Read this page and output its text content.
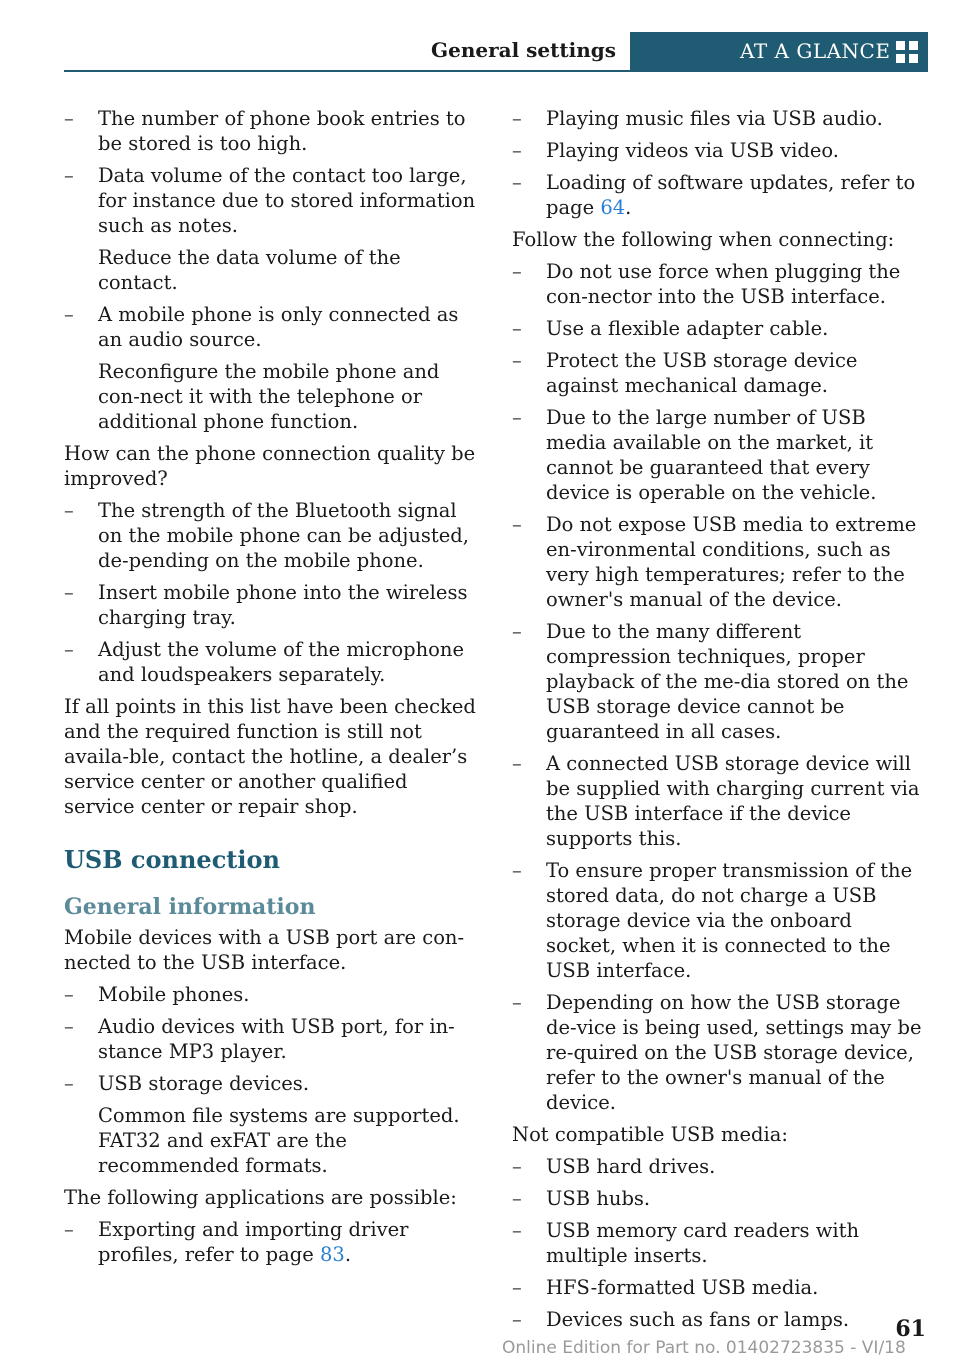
General settings	AT A GLANCE
– The number of phone book entries to be stored is too high.
– Data volume of the contact too large, for instance due to stored information such as notes.
Reduce the data volume of the contact.
– A mobile phone is only connected as an audio source.
Reconfigure the mobile phone and con‐nect it with the telephone or additional phone function.
How can the phone connection quality be improved?
– The strength of the Bluetooth signal on the mobile phone can be adjusted, de‐pending on the mobile phone.
– Insert mobile phone into the wireless charging tray.
– Adjust the volume of the microphone and loudspeakers separately.
If all points in this list have been checked and the required function is still not availa‐ble, contact the hotline, a dealer’s service center or another qualified service center or repair shop.
USB connection
General information
Mobile devices with a USB port are con‐nected to the USB interface.
– Mobile phones.
– Audio devices with USB port, for in‐stance MP3 player.
– USB storage devices.
Common file systems are supported. FAT32 and exFAT are the recommended formats.
The following applications are possible:
– Exporting and importing driver profiles, refer to page 83.
– Playing music files via USB audio.
– Playing videos via USB video.
– Loading of software updates, refer to page 64.
Follow the following when connecting:
– Do not use force when plugging the con‐nector into the USB interface.
– Use a flexible adapter cable.
– Protect the USB storage device against mechanical damage.
– Due to the large number of USB media available on the market, it cannot be guaranteed that every device is operable on the vehicle.
– Do not expose USB media to extreme en‐vironmental conditions, such as very high temperatures; refer to the owner's manual of the device.
– Due to the many different compression techniques, proper playback of the me‐dia stored on the USB storage device cannot be guaranteed in all cases.
– A connected USB storage device will be supplied with charging current via the USB interface if the device supports this.
– To ensure proper transmission of the stored data, do not charge a USB storage device via the onboard socket, when it is connected to the USB interface.
– Depending on how the USB storage de‐vice is being used, settings may be re‐quired on the USB storage device, refer to the owner's manual of the device.
Not compatible USB media:
– USB hard drives.
– USB hubs.
– USB memory card readers with multiple inserts.
– HFS-formatted USB media.
– Devices such as fans or lamps.	61
Online Edition for Part no. 01402723835 - VI/18
